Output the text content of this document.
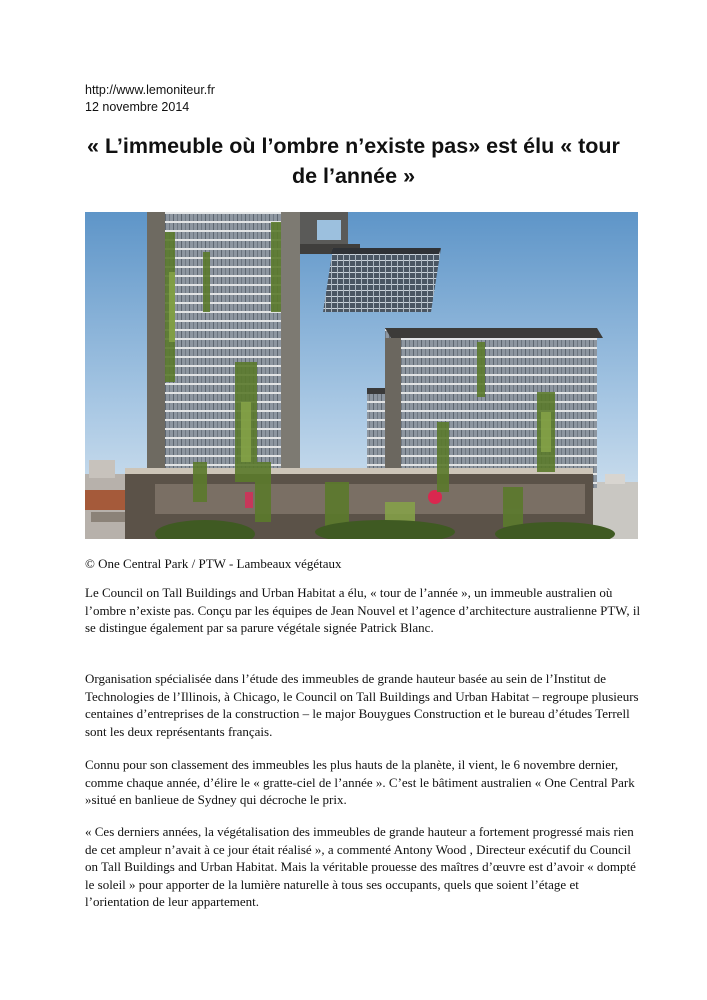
http://www.lemoniteur.fr
12 novembre 2014
« L’immeuble où l’ombre n’existe pas» est élu « tour de l’année »
© One Central Park / PTW - Lambeaux végétaux

Le Council on Tall Buildings and Urban Habitat a élu, « tour de l’année », un immeuble australien où l’ombre n’existe pas. Conçu par les équipes de Jean Nouvel et l’agence d’architecture australienne PTW, il se distingue également par sa parure végétale signée Patrick Blanc.

Organisation spécialisée dans l’étude des immeubles de grande hauteur basée au sein de l’Institut de Technologies de l’Illinois, à Chicago, le Council on Tall Buildings and Urban Habitat – regroupe plusieurs centaines d’entreprises de la construction – le major Bouygues Construction et le bureau d’études Terrell sont les deux représentants français.

Connu pour son classement des immeubles les plus hauts de la planète, il vient, le 6 novembre dernier, comme chaque année, d’élire le « gratte-ciel de l’année ». C’est le bâtiment australien « One Central Park »situé en banlieue de Sydney qui décroche le prix.

« Ces derniers années, la végétalisation des immeubles de grande hauteur a fortement progressé mais rien de cet ampleur n’avait à ce jour était réalisé », a commenté Antony Wood , Directeur exécutif du Council on Tall Buildings and Urban Habitat. Mais la véritable prouesse des maîtres d’œuvre est d’avoir « dompté le soleil » pour apporter de la lumière naturelle à tous ses occupants, quels que soient l’étage et l’orientation de leur appartement.
